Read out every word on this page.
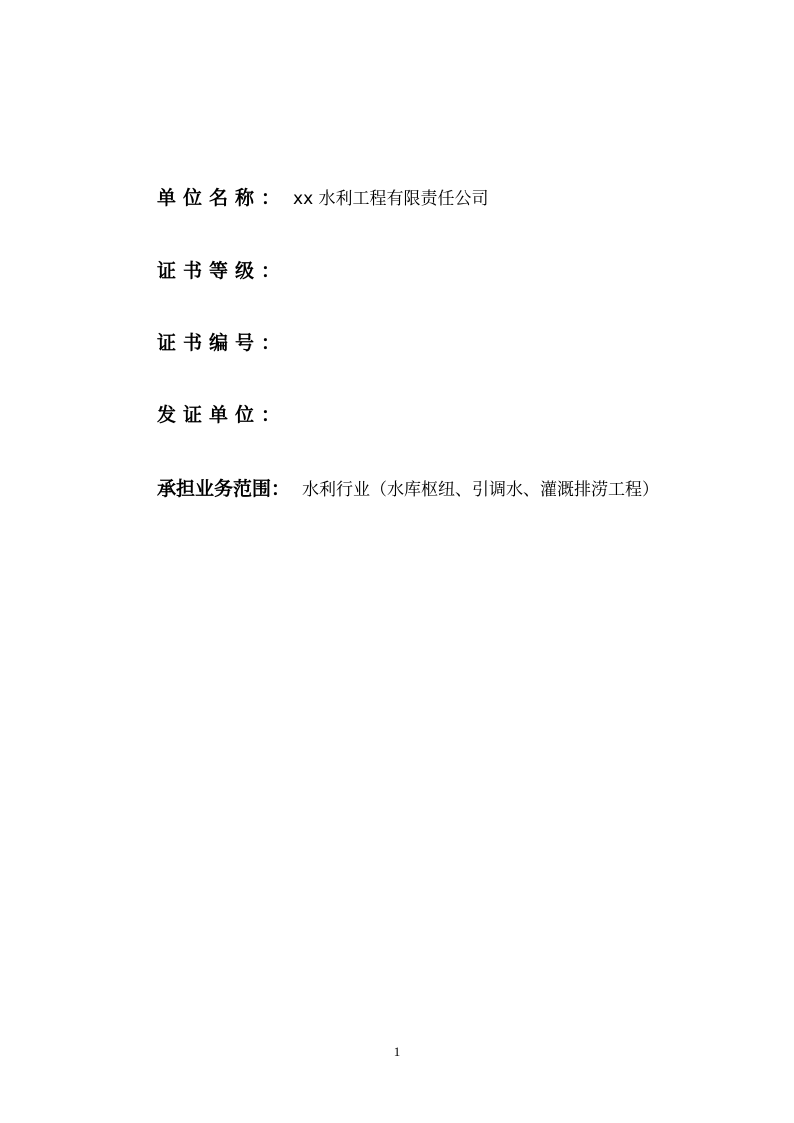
单位名称： xx 水利工程有限责任公司
证书等级：
证书编号：
发证单位：
承担业务范围： 水利行业（水库枢纽、引调水、灌溉排涝工程）
1
